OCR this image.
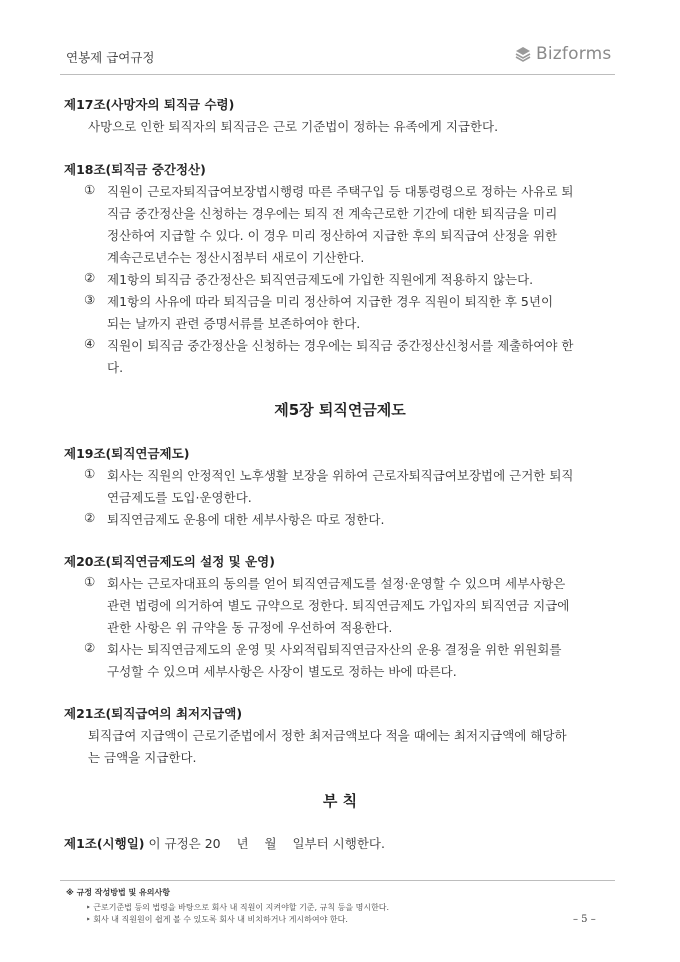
연봉제 급여규정	Bizforms
제17조(사망자의 퇴직금 수령)
사망으로 인한 퇴직자의 퇴직금은 근로 기준법이 정하는 유족에게 지급한다.
제18조(퇴직금 중간정산)
① 직원이 근로자퇴직급여보장법시행령 따른 주택구입 등 대통령령으로 정하는 사유로 퇴
직금 중간정산을 신청하는 경우에는 퇴직 전 계속근로한 기간에 대한 퇴직금을 미리
정산하여 지급할 수 있다. 이 경우 미리 정산하여 지급한 후의 퇴직급여 산정을 위한
계속근로년수는 정산시점부터 새로이 기산한다.
② 제1항의 퇴직금 중간정산은 퇴직연금제도에 가입한 직원에게 적용하지 않는다.
③ 제1항의 사유에 따라 퇴직금을 미리 정산하여 지급한 경우 직원이 퇴직한 후 5년이
되는 날까지 관련 증명서류를 보존하여야 한다.
④ 직원이 퇴직금 중간정산을 신청하는 경우에는 퇴직금 중간정산신청서를 제출하여야 한
다.
제5장 퇴직연금제도
제19조(퇴직연금제도)
① 회사는 직원의 안정적인 노후생활 보장을 위하여 근로자퇴직급여보장법에 근거한 퇴직
연금제도를 도입·운영한다.
② 퇴직연금제도 운용에 대한 세부사항은 따로 정한다.
제20조(퇴직연금제도의 설정 및 운영)
① 회사는 근로자대표의 동의를 얻어 퇴직연금제도를 설정·운영할 수 있으며 세부사항은
관련 법령에 의거하여 별도 규약으로 정한다. 퇴직연금제도 가입자의 퇴직연금 지급에
관한 사항은 위 규약을 동 규정에 우선하여 적용한다.
② 회사는 퇴직연금제도의 운영 및 사외적립퇴직연금자산의 운용 결정을 위한 위원회를
구성할 수 있으며 세부사항은 사장이 별도로 정하는 바에 따른다.
제21조(퇴직급여의 최저지급액)
퇴직급여 지급액이 근로기준법에서 정한 최저금액보다 적을 때에는 최저지급액에 해당하
는 금액을 지급한다.
부 칙
제1조(시행일) 이 규정은 20    년    월    일부터 시행한다.
※ 규정 작성방법 및 유의사항
‣ 근로기준법 등의 법령을 바탕으로 회사 내 직원이 지켜야할 기준, 규칙 등을 명시한다.
‣ 회사 내 직원원이 쉽게 볼 수 있도록 회사 내 비치하거나 게시하여야 한다.	– 5 –
